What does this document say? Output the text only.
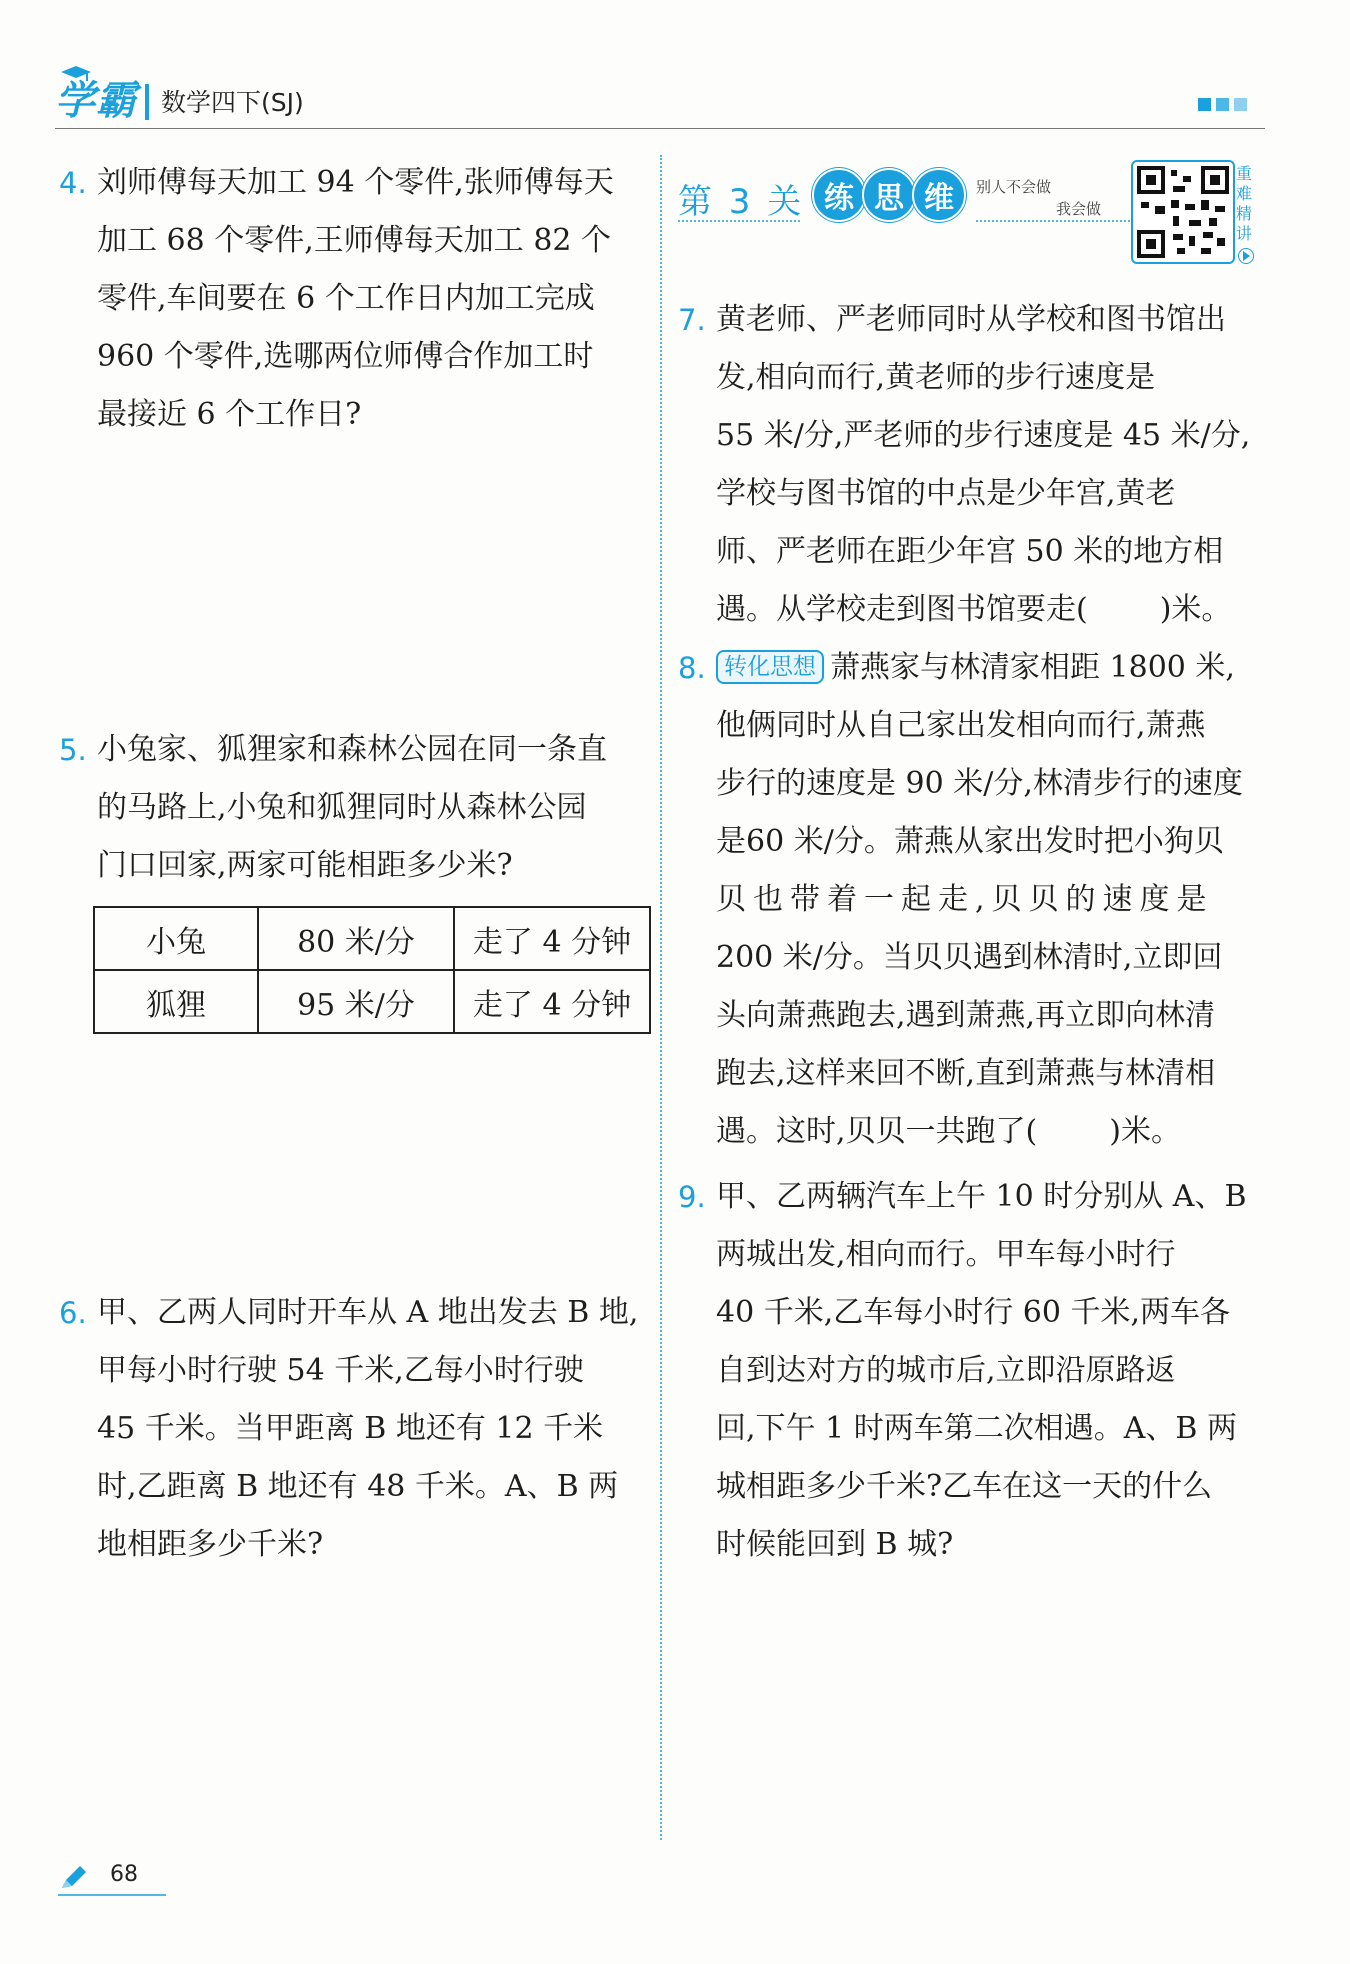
学霸 数学四下(SJ)
4. 刘师傅每天加工 94 个零件,张师傅每天
加工 68 个零件,王师傅每天加工 82 个
零件,车间要在 6 个工作日内加工完成
960 个零件,选哪两位师傅合作加工时
最接近 6 个工作日?
5. 小兔家、狐狸家和森林公园在同一条直
的马路上,小兔和狐狸同时从森林公园
门口回家,两家可能相距多少米?
小兔	80 米/分	走了 4 分钟
狐狸	95 米/分	走了 4 分钟
6. 甲、乙两人同时开车从 A 地出发去 B 地,
甲每小时行驶 54 千米,乙每小时行驶
45 千米。当甲距离 B 地还有 12 千米
时,乙距离 B 地还有 48 千米。A、B 两
地相距多少千米?
第 3 关 练 思 维	别人不会做
我会做
重
难
精
讲
7. 黄老师、严老师同时从学校和图书馆出
发,相向而行,黄老师的步行速度是
55 米/分,严老师的步行速度是 45 米/分,
学校与图书馆的中点是少年宫,黄老
师、严老师在距少年宫 50 米的地方相
遇。从学校走到图书馆要走( )米。
8. 转化思想 萧燕家与林清家相距 1800 米,
他俩同时从自己家出发相向而行,萧燕
步行的速度是 90 米/分,林清步行的速度
是60 米/分。萧燕从家出发时把小狗贝
贝也带着一起走,贝贝的速度是
200 米/分。当贝贝遇到林清时,立即回
头向萧燕跑去,遇到萧燕,再立即向林清
跑去,这样来回不断,直到萧燕与林清相
遇。这时,贝贝一共跑了( )米。
9. 甲、乙两辆汽车上午 10 时分别从 A、B
两城出发,相向而行。甲车每小时行
40 千米,乙车每小时行 60 千米,两车各
自到达对方的城市后,立即沿原路返
回,下午 1 时两车第二次相遇。A、B 两
城相距多少千米?乙车在这一天的什么
时候能回到 B 城?
68
